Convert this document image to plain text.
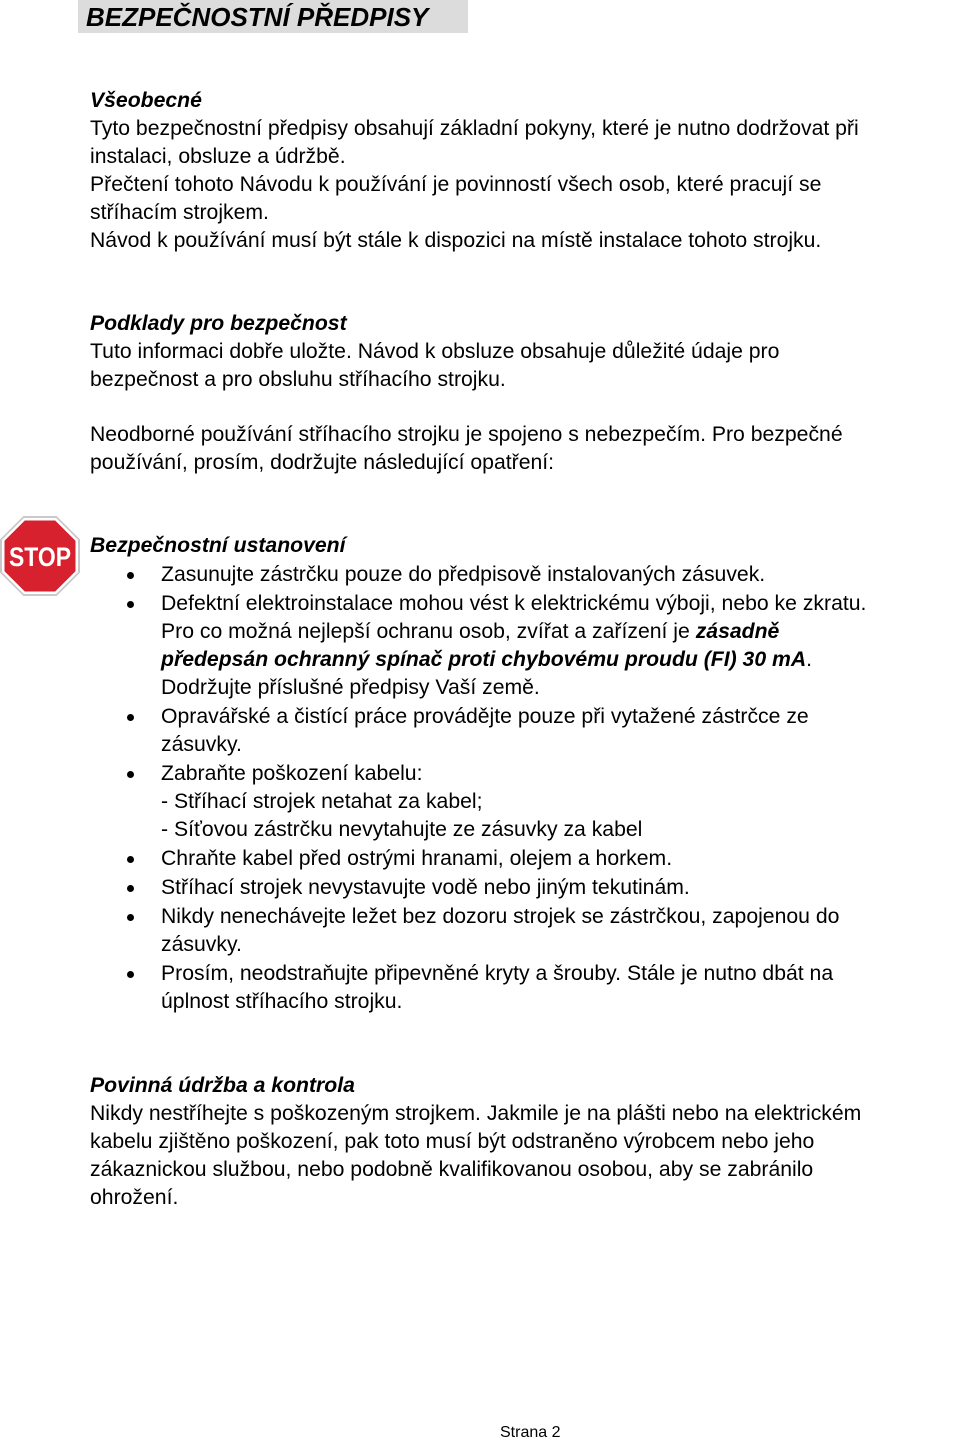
BEZPEČNOSTNÍ PŘEDPISY
Všeobecné

Tyto bezpečnostní předpisy obsahují základní pokyny, které je nutno dodržovat při
instalaci, obsluze a údržbě.
Přečtení tohoto Návodu k používání je povinností všech osob, které pracují se
stříhacím strojkem.
Návod k používání musí být stále k dispozici na místě instalace tohoto strojku.

Podklady pro bezpečnost

Tuto informaci dobře uložte. Návod k obsluze obsahuje důležité údaje pro
bezpečnost a pro obsluhu stříhacího strojku.

Neodborné používání stříhacího strojku je spojeno s nebezpečím. Pro bezpečné
používání, prosím, dodržujte následující opatření:

STOP Bezpečnostní ustanovení
Zasunujte zástrčku pouze do předpisově instalovaných zásuvek.
Defektní elektroinstalace mohou vést k elektrickému výboji, nebo ke zkratu.
Pro co možná nejlepší ochranu osob, zvířat a zařízení je zásadně
předepsán ochranný spínač proti chybovému proudu (FI) 30 mA.
Dodržujte příslušné předpisy Vaší země.
Opravářské a čistící práce provádějte pouze při vytažené zástrčce ze
zásuvky.
Zabraňte poškození kabelu:
- Stříhací strojek netahat za kabel;
- Síťovou zástrčku nevytahujte ze zásuvky za kabel
Chraňte kabel před ostrými hranami, olejem a horkem.
Stříhací strojek nevystavujte vodě nebo jiným tekutinám.
Nikdy nenechávejte ležet bez dozoru strojek se zástrčkou, zapojenou do
zásuvky.
Prosím, neodstraňujte připevněné kryty a šrouby. Stále je nutno dbát na
úplnost stříhacího strojku.
Povinná údržba a kontrola

Nikdy nestříhejte s poškozeným strojkem. Jakmile je na plášti nebo na elektrickém
kabelu zjištěno poškození, pak toto musí být odstraněno výrobcem nebo jeho
zákaznickou službou, nebo podobně kvalifikovanou osobou, aby se zabránilo
ohrožení.

Strana 2
